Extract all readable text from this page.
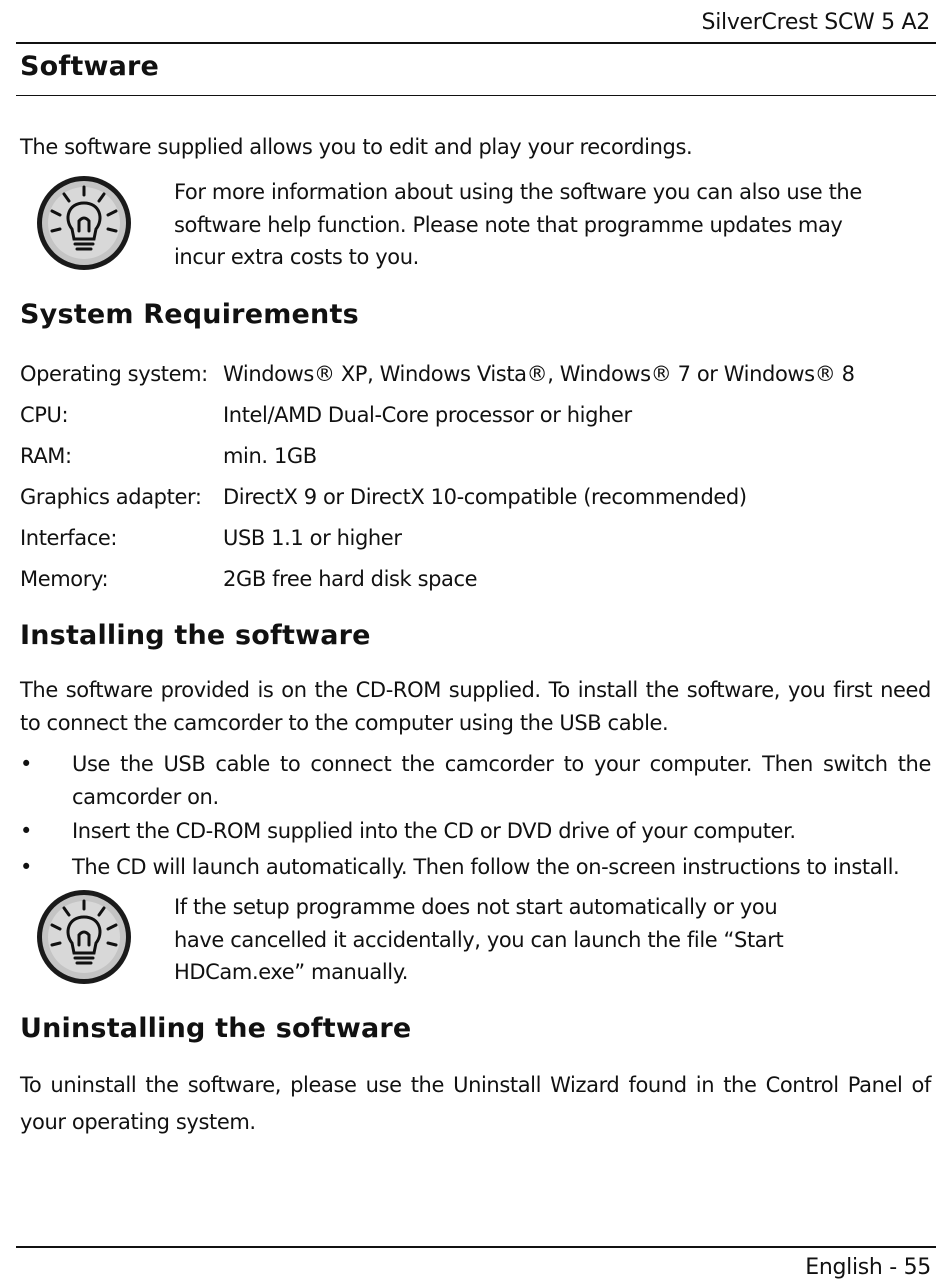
SilverCrest SCW 5 A2
Software

The software supplied allows you to edit and play your recordings.

For more information about using the software you can also use the software help function. Please note that programme updates may incur extra costs to you.

System Requirements
Operating system: Windows® XP, Windows Vista®, Windows® 7 or Windows® 8
CPU:	Intel/AMD Dual-Core processor or higher
RAM:	min. 1GB
Graphics adapter: DirectX 9 or DirectX 10-compatible (recommended)
Interface:	USB 1.1 or higher
Memory:	2GB free hard disk space
Installing the software

The software provided is on the CD-ROM supplied. To install the software, you first need to connect the camcorder to the computer using the USB cable.

•	Use the USB cable to connect the camcorder to your computer. Then switch the camcorder on.
•	Insert the CD-ROM supplied into the CD or DVD drive of your computer.
•	The CD will launch automatically. Then follow the on-screen instructions to install.

If the setup programme does not start automatically or you have cancelled it accidentally, you can launch the file “Start HDCam.exe” manually.

Uninstalling the software

To uninstall the software, please use the Uninstall Wizard found in the Control Panel of your operating system.

English - 55
